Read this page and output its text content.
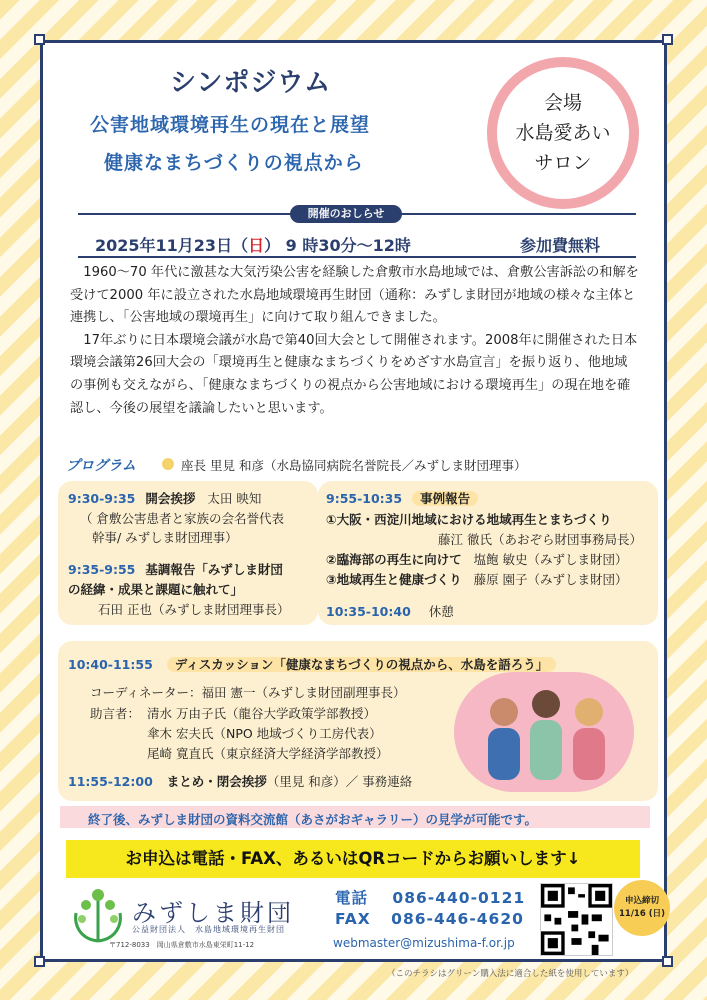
シンポジウム
公害地域環境再生の現在と展望
健康なまちづくりの視点から
会場
水島愛あい
サロン
開催のおしらせ
2025年11月23日（日） 9 時30分〜12時	参加費無料

1960〜70 年代に激甚な大気汚染公害を経験した倉敷市水島地域では、倉敷公害訴訟の和解を受けて2000 年に設立された水島地域環境再生財団（通称：みずしま財団が地域の様々な主体と連携し、「公害地域の環境再生」に向けて取り組んできました。

17年ぶりに日本環境会議が水島で第40回大会として開催されます。2008年に開催された日本環境会議第26回大会の「環境再生と健康なまちづくりをめざす水島宣言」を振り返り、他地域の事例も交えながら、「健康なまちづくりの視点から公害地域における環境再生」の現在地を確認し、今後の展望を議論したいと思います。

プログラム	座長 里見 和彦（水島協同病院名誉院長／みずしま財団理事）
9:30-9:35 開会挨拶 太田 映知
（ 倉敷公害患者と家族の会名誉代表
幹事/ みずしま財団理事）
9:35-9:55 基調報告「みずしま財団
の経緯・成果と課題に触れて」
石田 正也（みずしま財団理事長）
9:55-10:35 事例報告
①大阪・西淀川地域における地域再生とまちづくり
藤江 徹氏（あおぞら財団事務局長）
②臨海部の再生に向けて 塩飽 敏史（みずしま財団）
③地域再生と健康づくり 藤原 園子（みずしま財団）
10:35-10:40 休憩
10:40-11:55 ディスカッション「健康なまちづくりの視点から、水島を語ろう」
コーディネーター：福田 憲一（みずしま財団副理事長）
助言者： 清水 万由子氏（龍谷大学政策学部教授）
傘木 宏夫氏（NPO 地域づくり工房代表）
尾崎 寛直氏（東京経済大学経済学部教授）
11:55-12:00 まとめ・閉会挨拶（里見 和彦）／ 事務連絡
終了後、みずしま財団の資料交流館（あさがおギャラリー）の見学が可能です。
お申込は電話・FAX、あるいはQRコードからお願いします↓
みずしま財団
公益財団法人　水島地域環境再生財団
〒712-8033　岡山県倉敷市水島東栄町11-12
電話 086-440-0121
FAX 086-446-4620
webmaster@mizushima-f.or.jp
申込締切
11/16 (日)
（このチラシはグリーン購入法に適合した紙を使用しています）
